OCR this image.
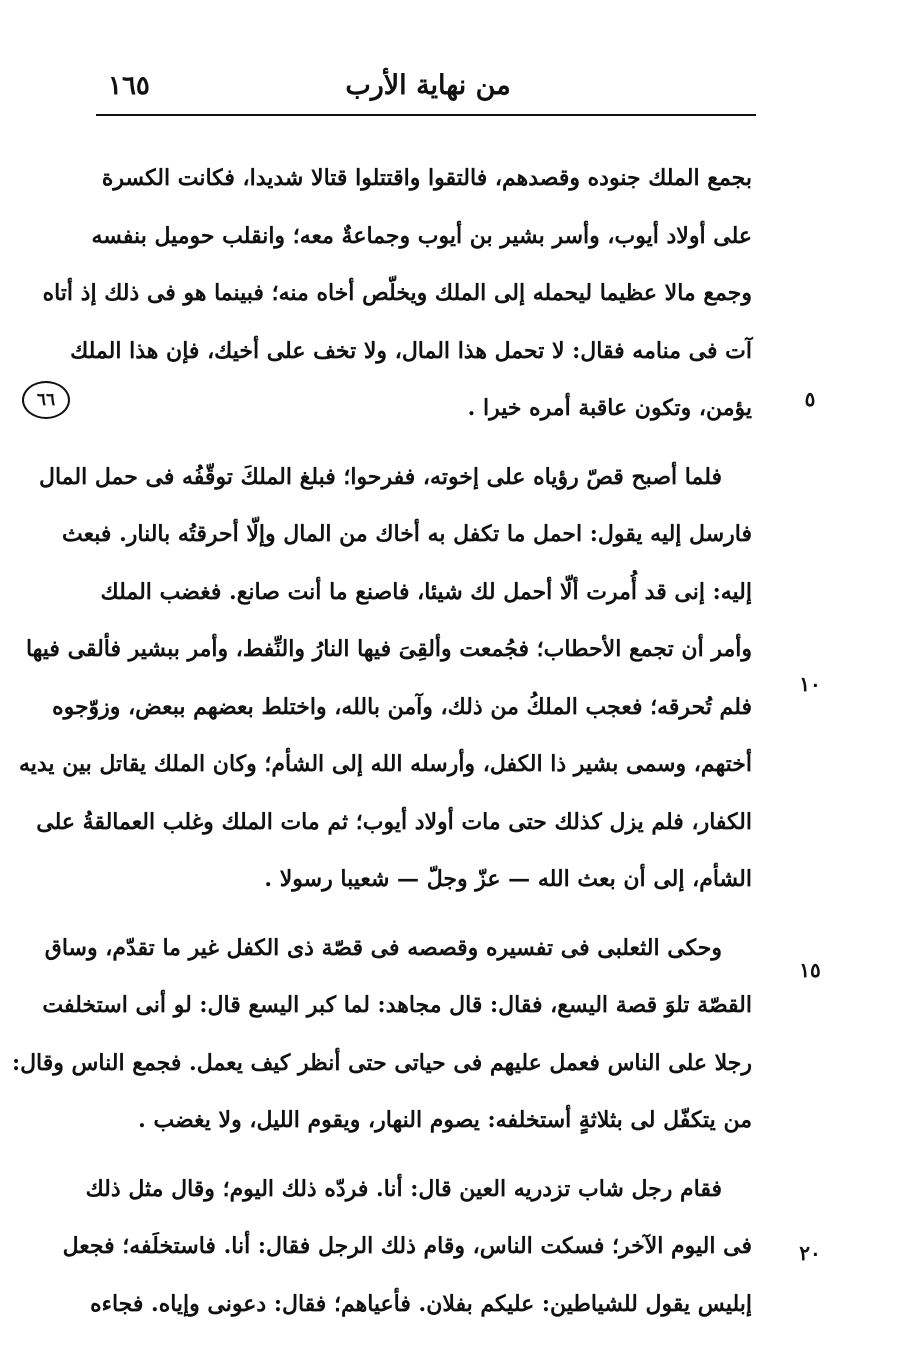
من نهاية الأرب
١٦٥
٦٦	٥
١٠
١٥
٢٠
بجمع الملك جنوده وقصدهم، فالتقوا واقتتلوا قتالا شديدا، فكانت الكسرة
على أولاد أيوب، وأسر بشير بن أيوب وجماعةٌ معه؛ وانقلب حوميل بنفسه
وجمع مالا عظيما ليحمله إلى الملك ويخلّص أخاه منه؛ فبينما هو فى ذلك إذ أتاه
آت فى منامه فقال: لا تحمل هذا المال، ولا تخف على أخيك، فإن هذا الملك
يؤمن، وتكون عاقبة أمره خيرا .
فلما أصبح قصّ رؤياه على إخوته، ففرحوا؛ فبلغ الملكَ توقّفُه فى حمل المال
فارسل إليه يقول: احمل ما تكفل به أخاك من المال وإلّا أحرقتُه بالنار. فبعث
إليه: إنى قد أُمرت ألّا أحمل لك شيئا، فاصنع ما أنت صانع. فغضب الملك
وأمر أن تجمع الأحطاب؛ فجُمعت وألقِىَ فيها النارُ والنِّفط، وأمر ببشير فألقى فيها
فلم تُحرقه؛ فعجب الملكُ من ذلك، وآمن بالله، واختلط بعضهم ببعض، وزوّجوه
أختهم، وسمى بشير ذا الكفل، وأرسله الله إلى الشأم؛ وكان الملك يقاتل بين يديه
الكفار، فلم يزل كذلك حتى مات أولاد أيوب؛ ثم مات الملك وغلب العمالقةُ على
الشأم، إلى أن بعث الله — عزّ وجلّ — شعيبا رسولا .
وحكى الثعلبى فى تفسيره وقصصه فى قصّة ذى الكفل غير ما تقدّم، وساق
القصّة تلوَ قصة اليسع، فقال: قال مجاهد: لما كبر اليسع قال: لو أنى استخلفت
رجلا على الناس فعمل عليهم فى حياتى حتى أنظر كيف يعمل. فجمع الناس وقال:
من يتكفّل لى بثلاثةٍ أستخلفه: يصوم النهار، ويقوم الليل، ولا يغضب .
فقام رجل شاب تزدريه العين قال: أنا. فردّه ذلك اليوم؛ وقال مثل ذلك
فى اليوم الآخر؛ فسكت الناس، وقام ذلك الرجل فقال: أنا. فاستخلَفه؛ فجعل
إبليس يقول للشياطين: عليكم بفلان. فأعياهم؛ فقال: دعونى وإياه. فجاءه
